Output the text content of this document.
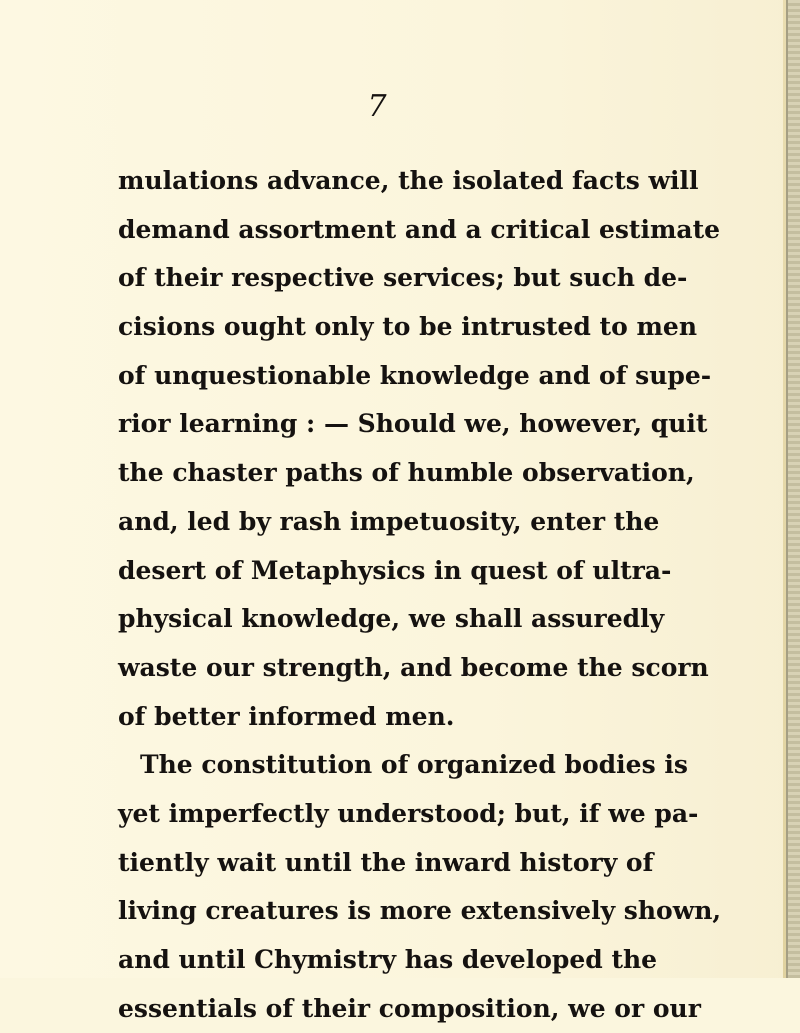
7
mulations advance, the isolated facts will
demand assortment and a critical estimate
of their respective services; but such de-
cisions ought only to be intrusted to men
of unquestionable knowledge and of supe-
rior learning : — Should we, however, quit
the chaster paths of humble observation,
and, led by rash impetuosity, enter the
desert of Metaphysics in quest of ultra-
physical knowledge, we shall assuredly
waste our strength, and become the scorn
of better informed men.
The constitution of organized bodies is
yet imperfectly understood; but, if we pa-
tiently wait until the inward history of
living creatures is more extensively shown,
and until Chymistry has developed the
essentials of their composition, we or our
